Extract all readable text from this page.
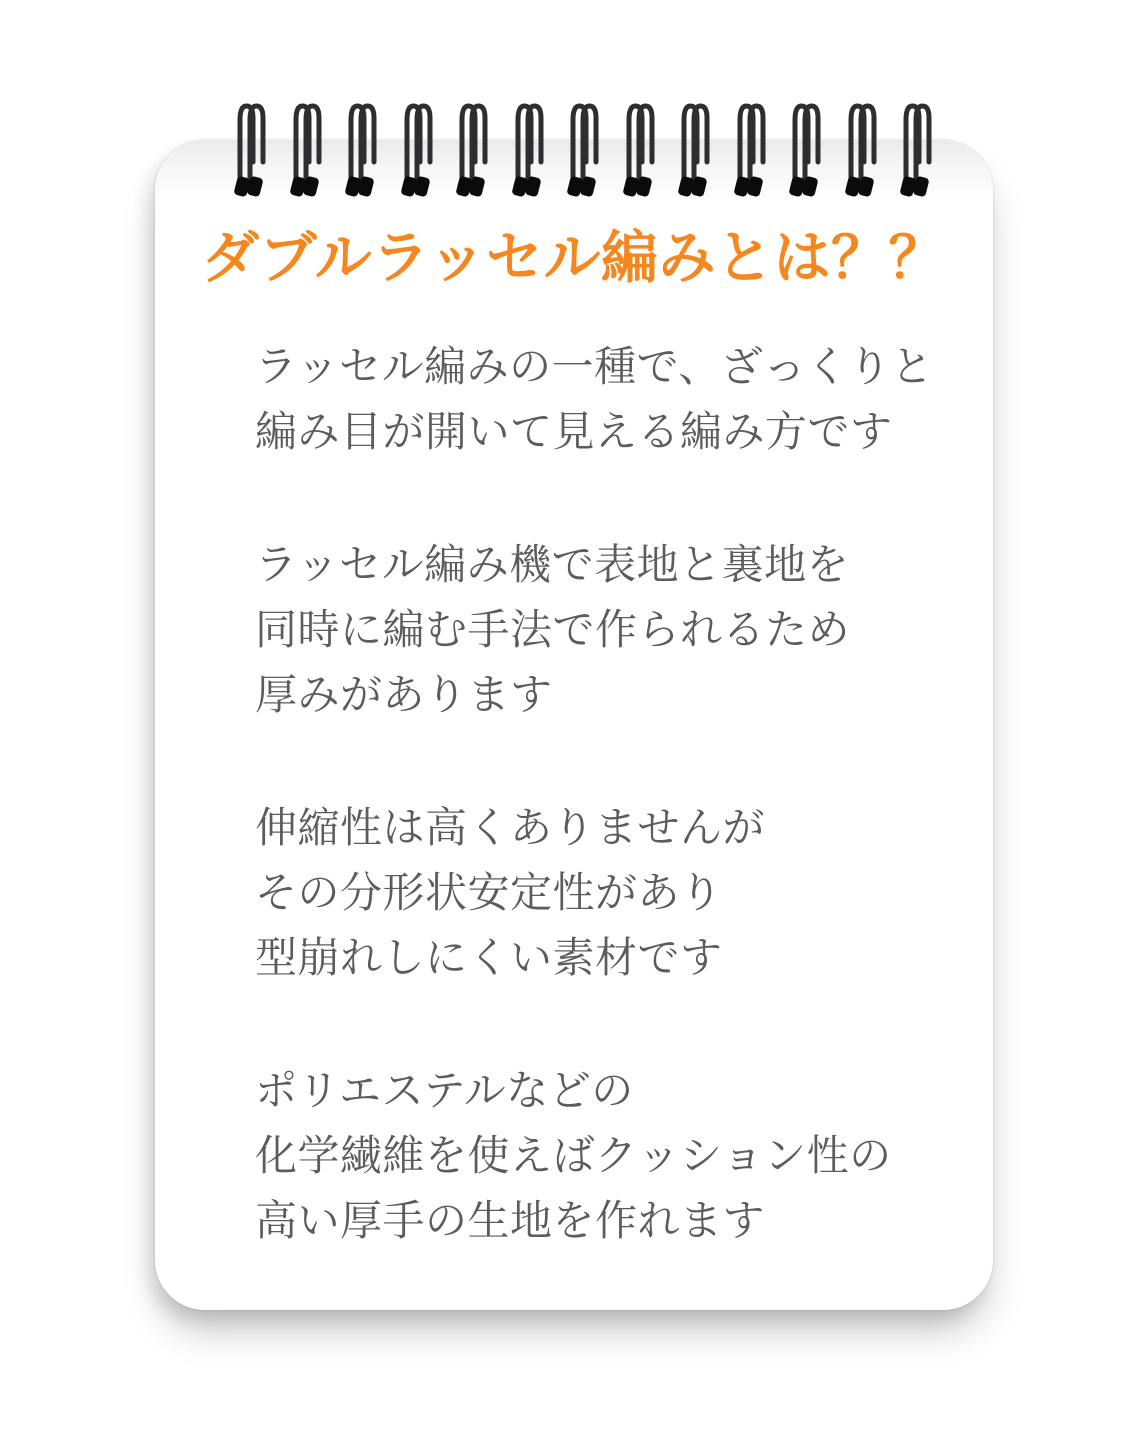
ダブルラッセル編みとは？？
ラッセル編みの一種で、ざっくりと
編み目が開いて見える編み方です
ラッセル編み機で表地と裏地を
同時に編む手法で作られるため
厚みがあります
伸縮性は高くありませんが
その分形状安定性があり
型崩れしにくい素材です
ポリエステルなどの
化学繊維を使えばクッション性の
高い厚手の生地を作れます
